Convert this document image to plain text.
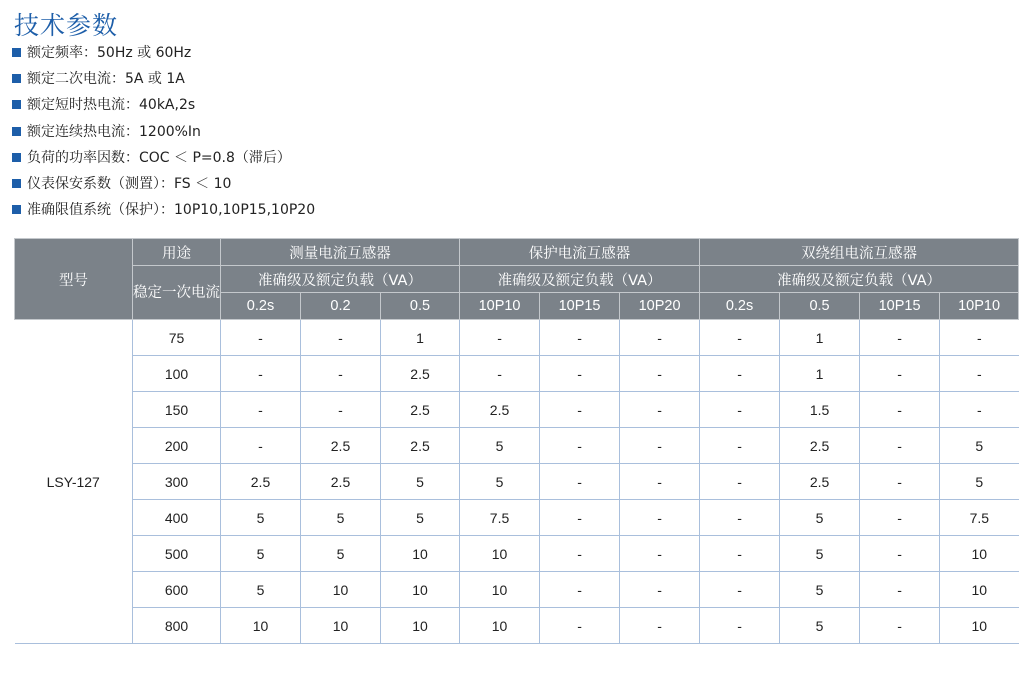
技术参数
额定频率：50Hz 或 60Hz
额定二次电流：5A 或 1A
额定短时热电流：40kA,2s
额定连续热电流：1200%In
负荷的功率因数：COC ＜ P=0.8（滞后）
仪表保安系数（测置）：FS ＜ 10
准确限值系统（保护）：10P10,10P15,10P20
型号	用途	测量电流互感器			保护电流互感器			双绕组电流互感器			
	稳定一次电流	准确级及额定负载（VA）			准确级及额定负载（VA）			准确级及额定负载（VA）			
		0.2s	0.2	0.5	10P10	10P15	10P20	0.2s	0.5	10P15	10P10
LSY-127	75	-	-	1	-	-	-	-	1	-	-
	100	-	-	2.5	-	-	-	-	1	-	-
	150	-	-	2.5	2.5	-	-	-	1.5	-	-
	200	-	2.5	2.5	5	-	-	-	2.5	-	5
	300	2.5	2.5	5	5	-	-	-	2.5	-	5
	400	5	5	5	7.5	-	-	-	5	-	7.5
	500	5	5	10	10	-	-	-	5	-	10
	600	5	10	10	10	-	-	-	5	-	10
	800	10	10	10	10	-	-	-	5	-	10
